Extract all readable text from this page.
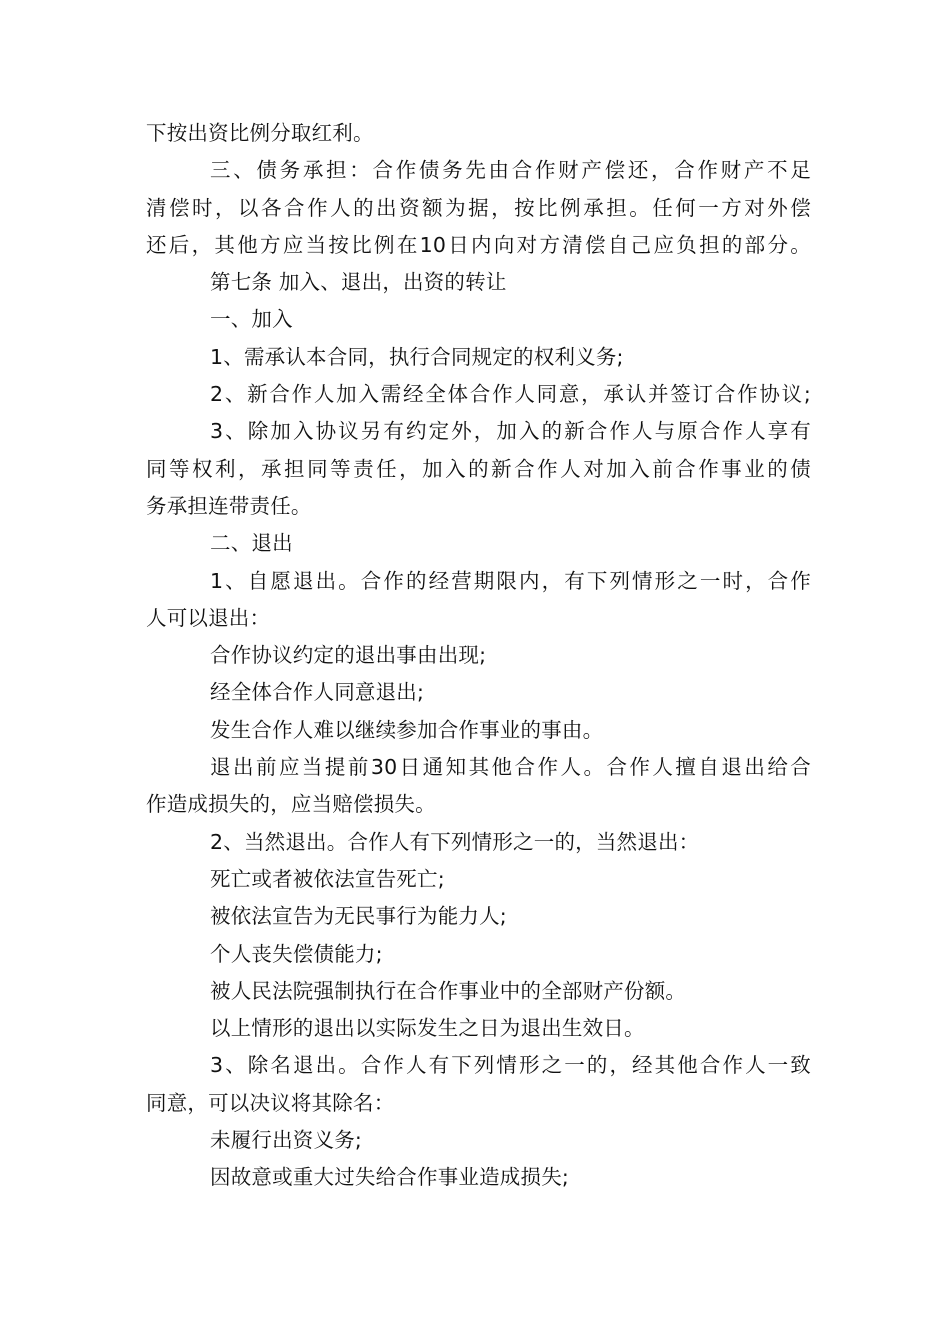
下按出资比例分取红利。
三、债务承担：合作债务先由合作财产偿还，合作财产不足
清偿时，以各合作人的出资额为据，按比例承担。任何一方对外偿
还后，其他方应当按比例在10日内向对方清偿自己应负担的部分。
第七条 加入、退出，出资的转让
一、加入
1、需承认本合同，执行合同规定的权利义务;
2、新合作人加入需经全体合作人同意，承认并签订合作协议;
3、除加入协议另有约定外，加入的新合作人与原合作人享有
同等权利，承担同等责任，加入的新合作人对加入前合作事业的债
务承担连带责任。
二、退出
1、自愿退出。合作的经营期限内，有下列情形之一时，合作
人可以退出：
合作协议约定的退出事由出现;
经全体合作人同意退出;
发生合作人难以继续参加合作事业的事由。
退出前应当提前30日通知其他合作人。合作人擅自退出给合
作造成损失的，应当赔偿损失。
2、当然退出。合作人有下列情形之一的，当然退出：
死亡或者被依法宣告死亡;
被依法宣告为无民事行为能力人;
个人丧失偿债能力;
被人民法院强制执行在合作事业中的全部财产份额。
以上情形的退出以实际发生之日为退出生效日。
3、除名退出。合作人有下列情形之一的，经其他合作人一致
同意，可以决议将其除名：
未履行出资义务;
因故意或重大过失给合作事业造成损失;
